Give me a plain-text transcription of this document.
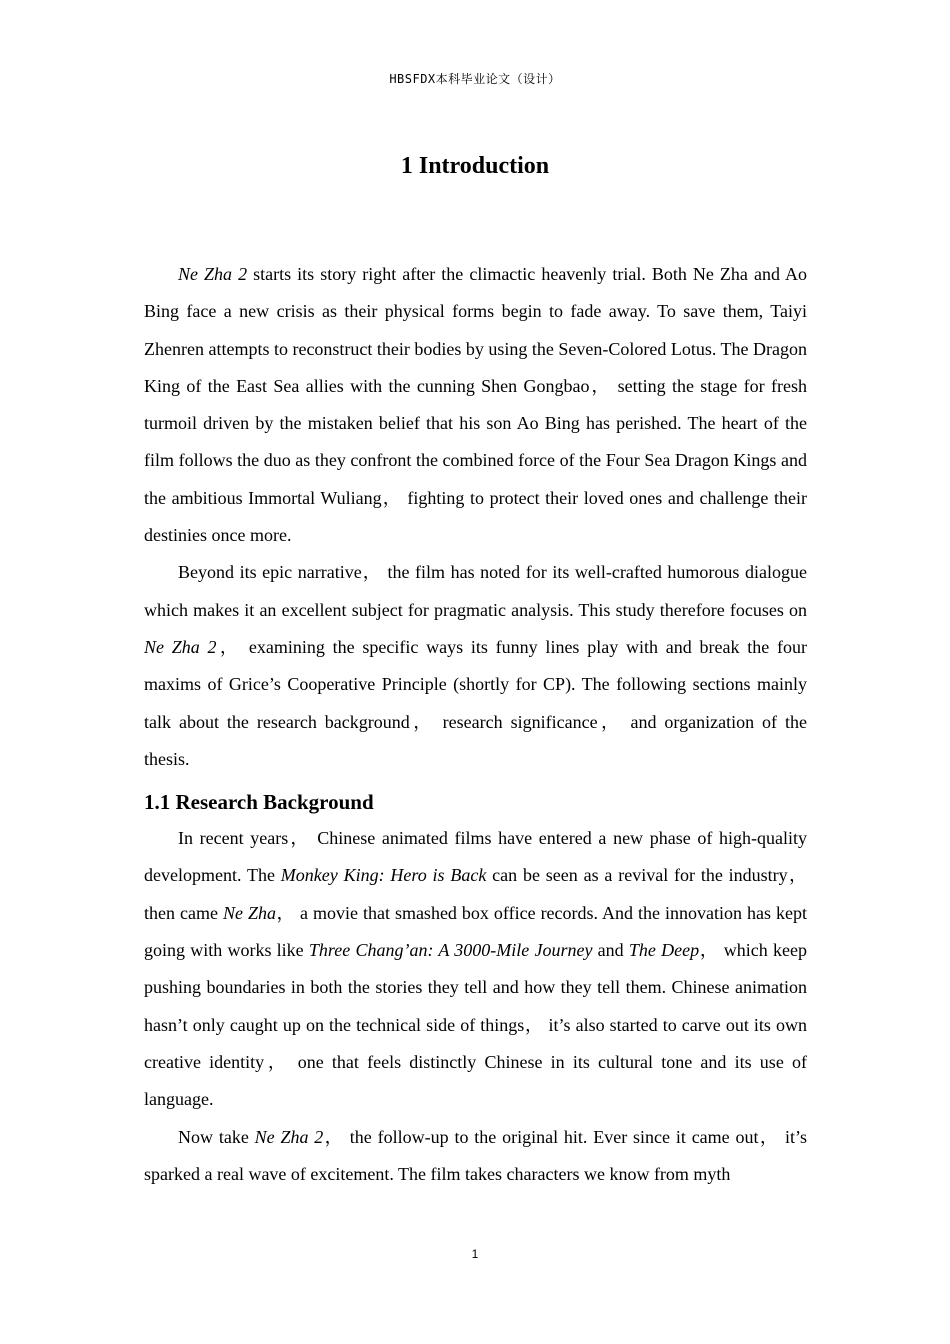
HBSFDX本科毕业论文（设计）
1 Introduction

Ne Zha 2 starts its story right after the climactic heavenly trial. Both Ne Zha and Ao Bing face a new crisis as their physical forms begin to fade away. To save them, Taiyi Zhenren attempts to reconstruct their bodies by using the Seven-Colored Lotus. The Dragon King of the East Sea allies with the cunning Shen Gongbao， setting the stage for fresh turmoil driven by the mistaken belief that his son Ao Bing has perished. The heart of the film follows the duo as they confront the combined force of the Four Sea Dragon Kings and the ambitious Immortal Wuliang， fighting to protect their loved ones and challenge their destinies once more.

Beyond its epic narrative， the film has noted for its well-crafted humorous dialogue which makes it an excellent subject for pragmatic analysis. This study therefore focuses on Ne Zha 2， examining the specific ways its funny lines play with and break the four maxims of Grice’s Cooperative Principle (shortly for CP). The following sections mainly talk about the research background， research significance， and organization of the thesis.

1.1 Research Background

In recent years， Chinese animated films have entered a new phase of high-quality development. The Monkey King: Hero is Back can be seen as a revival for the industry， then came Ne Zha， a movie that smashed box office records. And the innovation has kept going with works like Three Chang’an: A 3000-Mile Journey and The Deep， which keep pushing boundaries in both the stories they tell and how they tell them. Chinese animation hasn’t only caught up on the technical side of things， it’s also started to carve out its own creative identity， one that feels distinctly Chinese in its cultural tone and its use of language.

Now take Ne Zha 2， the follow-up to the original hit. Ever since it came out， it’s sparked a real wave of excitement. The film takes characters we know from myth

1
